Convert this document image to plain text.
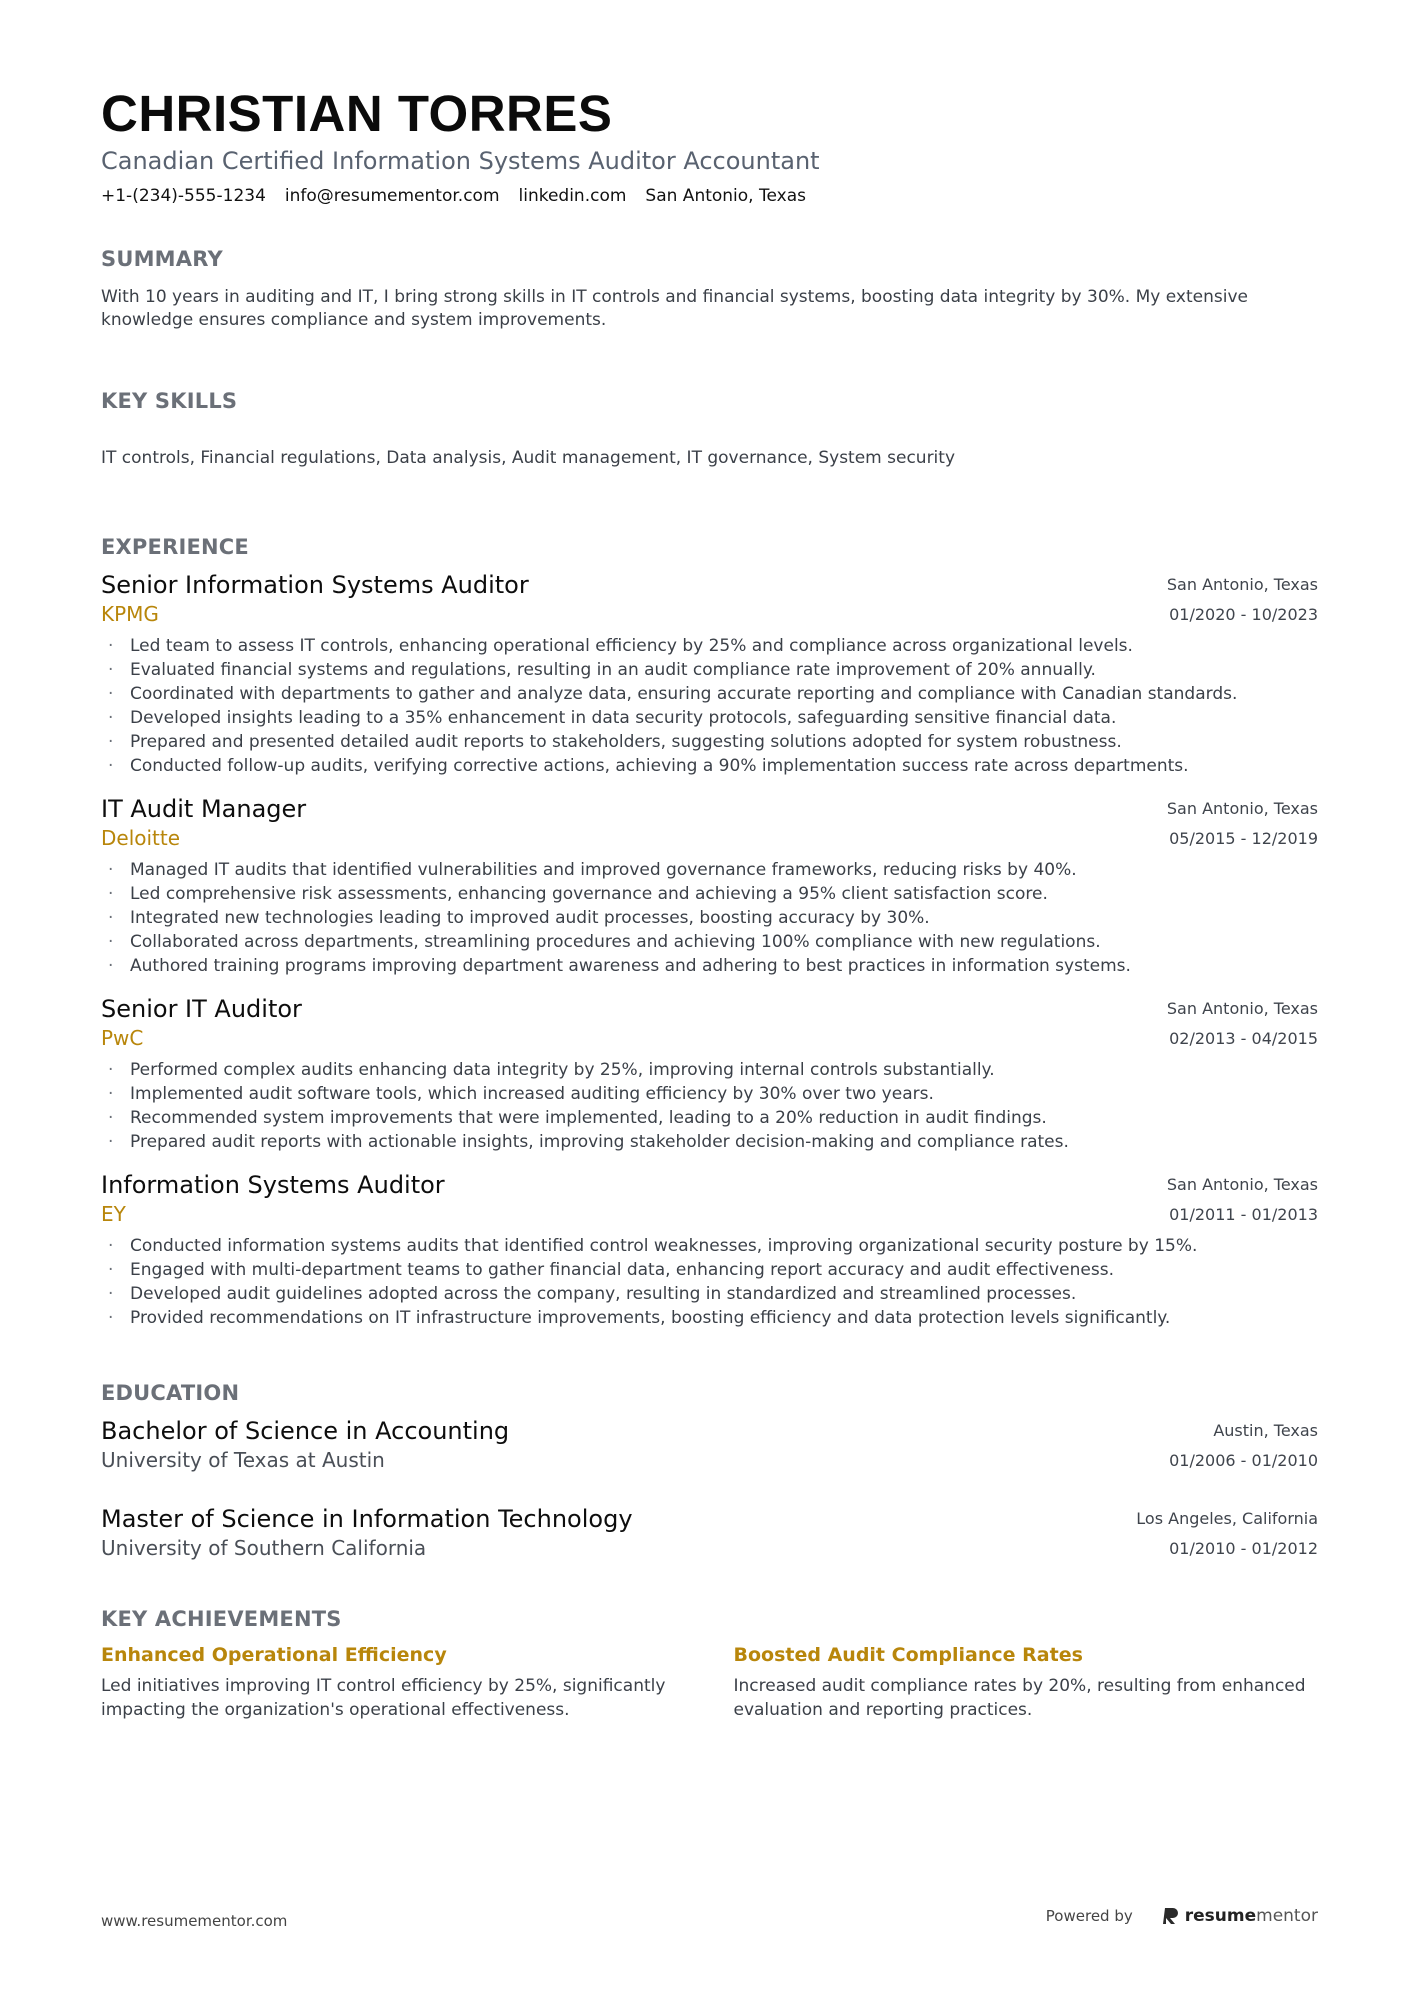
CHRISTIAN TORRES
Canadian Certified Information Systems Auditor Accountant
+1-(234)-555-1234 info@resumementor.com linkedin.com San Antonio, Texas
SUMMARY
With 10 years in auditing and IT, I bring strong skills in IT controls and financial systems, boosting data integrity by 30%. My extensive knowledge ensures compliance and system improvements.
KEY SKILLS
IT controls, Financial regulations, Data analysis, Audit management, IT governance, System security
EXPERIENCE
Senior Information Systems Auditor
KPMG
San Antonio, Texas
01/2020 - 10/2023
· Led team to assess IT controls, enhancing operational efficiency by 25% and compliance across organizational levels.
· Evaluated financial systems and regulations, resulting in an audit compliance rate improvement of 20% annually.
· Coordinated with departments to gather and analyze data, ensuring accurate reporting and compliance with Canadian standards.
· Developed insights leading to a 35% enhancement in data security protocols, safeguarding sensitive financial data.
· Prepared and presented detailed audit reports to stakeholders, suggesting solutions adopted for system robustness.
· Conducted follow-up audits, verifying corrective actions, achieving a 90% implementation success rate across departments.
IT Audit Manager
Deloitte
San Antonio, Texas
05/2015 - 12/2019
· Managed IT audits that identified vulnerabilities and improved governance frameworks, reducing risks by 40%.
· Led comprehensive risk assessments, enhancing governance and achieving a 95% client satisfaction score.
· Integrated new technologies leading to improved audit processes, boosting accuracy by 30%.
· Collaborated across departments, streamlining procedures and achieving 100% compliance with new regulations.
· Authored training programs improving department awareness and adhering to best practices in information systems.
Senior IT Auditor
PwC
San Antonio, Texas
02/2013 - 04/2015
· Performed complex audits enhancing data integrity by 25%, improving internal controls substantially.
· Implemented audit software tools, which increased auditing efficiency by 30% over two years.
· Recommended system improvements that were implemented, leading to a 20% reduction in audit findings.
· Prepared audit reports with actionable insights, improving stakeholder decision-making and compliance rates.
Information Systems Auditor
EY
San Antonio, Texas
01/2011 - 01/2013
· Conducted information systems audits that identified control weaknesses, improving organizational security posture by 15%.
· Engaged with multi-department teams to gather financial data, enhancing report accuracy and audit effectiveness.
· Developed audit guidelines adopted across the company, resulting in standardized and streamlined processes.
· Provided recommendations on IT infrastructure improvements, boosting efficiency and data protection levels significantly.
EDUCATION
Bachelor of Science in Accounting
University of Texas at Austin
Austin, Texas
01/2006 - 01/2010
Master of Science in Information Technology
University of Southern California
Los Angeles, California
01/2010 - 01/2012
KEY ACHIEVEMENTS
Enhanced Operational Efficiency
Led initiatives improving IT control efficiency by 25%, significantly impacting the organization's operational effectiveness.
Boosted Audit Compliance Rates
Increased audit compliance rates by 20%, resulting from enhanced evaluation and reporting practices.
www.resumementor.com	Powered by	resumementor
